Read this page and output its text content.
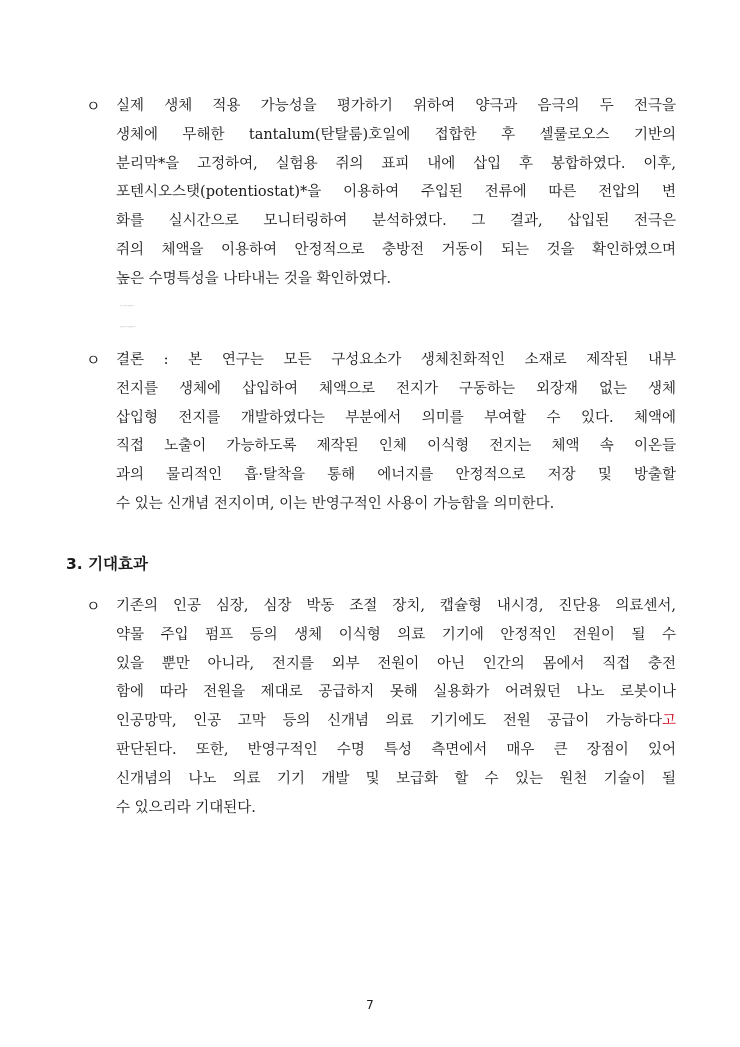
ㅇ	실제 생체 적용 가능성을 평가하기 위하여 양극과 음극의 두 전극을
생체에 무해한 tantalum(탄탈룸)호일에 접합한 후 셀룰로오스 기반의
분리막*을 고정하여, 실험용 쥐의 표피 내에 삽입 후 봉합하였다. 이후,
포텐시오스탯(potentiostat)*을 이용하여 주입된 전류에 따른 전압의 변
화를 실시간으로 모니터링하여 분석하였다. 그 결과, 삽입된 전극은
쥐의 체액을 이용하여 안정적으로 충방전 거동이 되는 것을 확인하였으며
높은 수명특성을 나타내는 것을 확인하였다.
ㅇ	결론 : 본 연구는 모든 구성요소가 생체친화적인 소재로 제작된 내부
전지를 생체에 삽입하여 체액으로 전지가 구동하는 외장재 없는 생체
삽입형 전지를 개발하였다는 부분에서 의미를 부여할 수 있다. 체액에
직접 노출이 가능하도록 제작된 인체 이식형 전지는 체액 속 이온들
과의 물리적인 흡·탈착을 통해 에너지를 안정적으로 저장 및 방출할
수 있는 신개념 전지이며, 이는 반영구적인 사용이 가능함을 의미한다.
3. 기대효과
ㅇ	기존의 인공 심장, 심장 박동 조절 장치, 캡슐형 내시경, 진단용 의료센서,
약물 주입 펌프 등의 생체 이식형 의료 기기에 안정적인 전원이 될 수
있을 뿐만 아니라, 전지를 외부 전원이 아닌 인간의 몸에서 직접 충전
함에 따라 전원을 제대로 공급하지 못해 실용화가 어려웠던 나노 로봇이나
인공망막, 인공 고막 등의 신개념 의료 기기에도 전원 공급이 가능하다고
판단된다. 또한, 반영구적인 수명 특성 측면에서 매우 큰 장점이 있어
신개념의 나노 의료 기기 개발 및 보급화 할 수 있는 원천 기술이 될
수 있으리라 기대된다.
7
